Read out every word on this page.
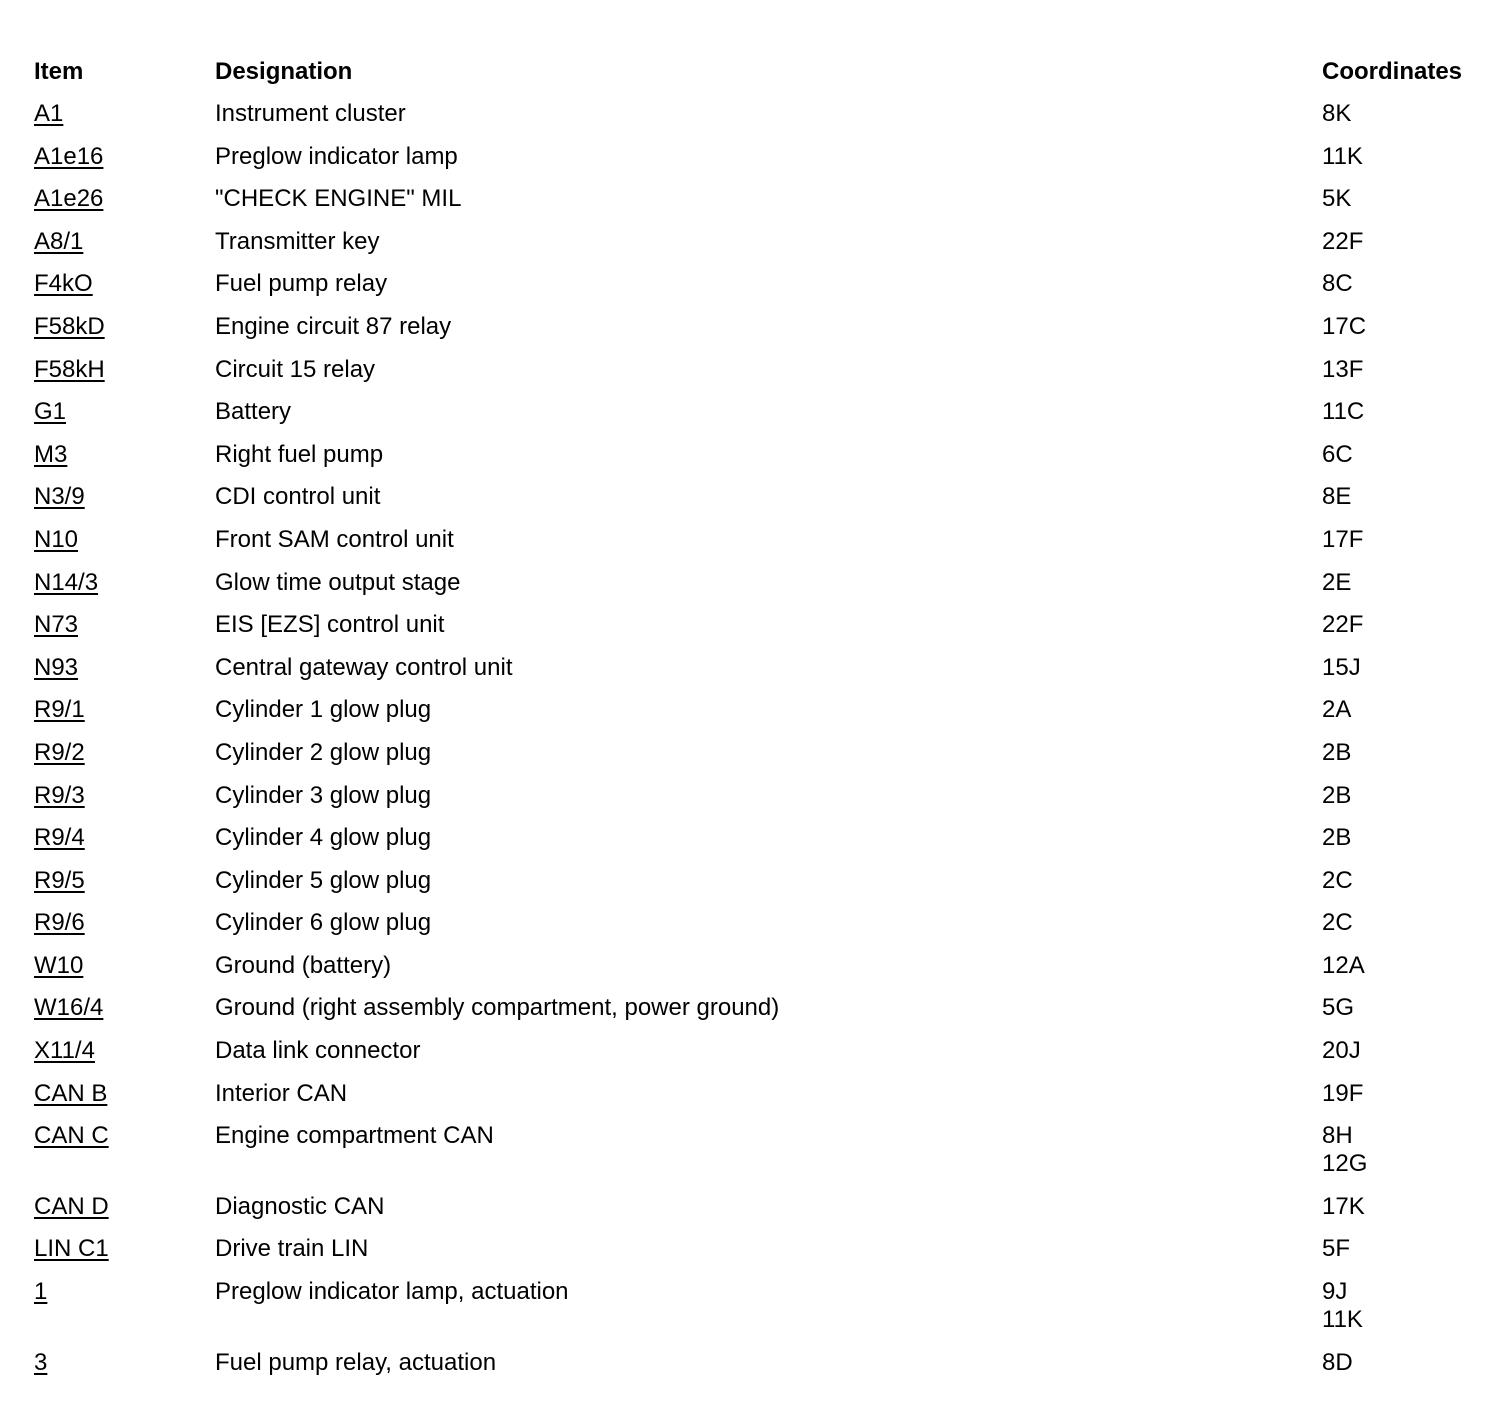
Item	Designation	Coordinates
A1	Instrument cluster	8K
A1e16	Preglow indicator lamp	11K
A1e26	"CHECK ENGINE" MIL	5K
A8/1	Transmitter key	22F
F4kO	Fuel pump relay	8C
F58kD	Engine circuit 87 relay	17C
F58kH	Circuit 15 relay	13F
G1	Battery	11C
M3	Right fuel pump	6C
N3/9	CDI control unit	8E
N10	Front SAM control unit	17F
N14/3	Glow time output stage	2E
N73	EIS [EZS] control unit	22F
N93	Central gateway control unit	15J
R9/1	Cylinder 1 glow plug	2A
R9/2	Cylinder 2 glow plug	2B
R9/3	Cylinder 3 glow plug	2B
R9/4	Cylinder 4 glow plug	2B
R9/5	Cylinder 5 glow plug	2C
R9/6	Cylinder 6 glow plug	2C
W10	Ground (battery)	12A
W16/4	Ground (right assembly compartment, power ground)	5G
X11/4	Data link connector	20J
CAN B	Interior CAN	19F
CAN C	Engine compartment CAN	8H
12G
CAN D	Diagnostic CAN	17K
LIN C1	Drive train LIN	5F
1	Preglow indicator lamp, actuation	9J
11K
3	Fuel pump relay, actuation	8D
